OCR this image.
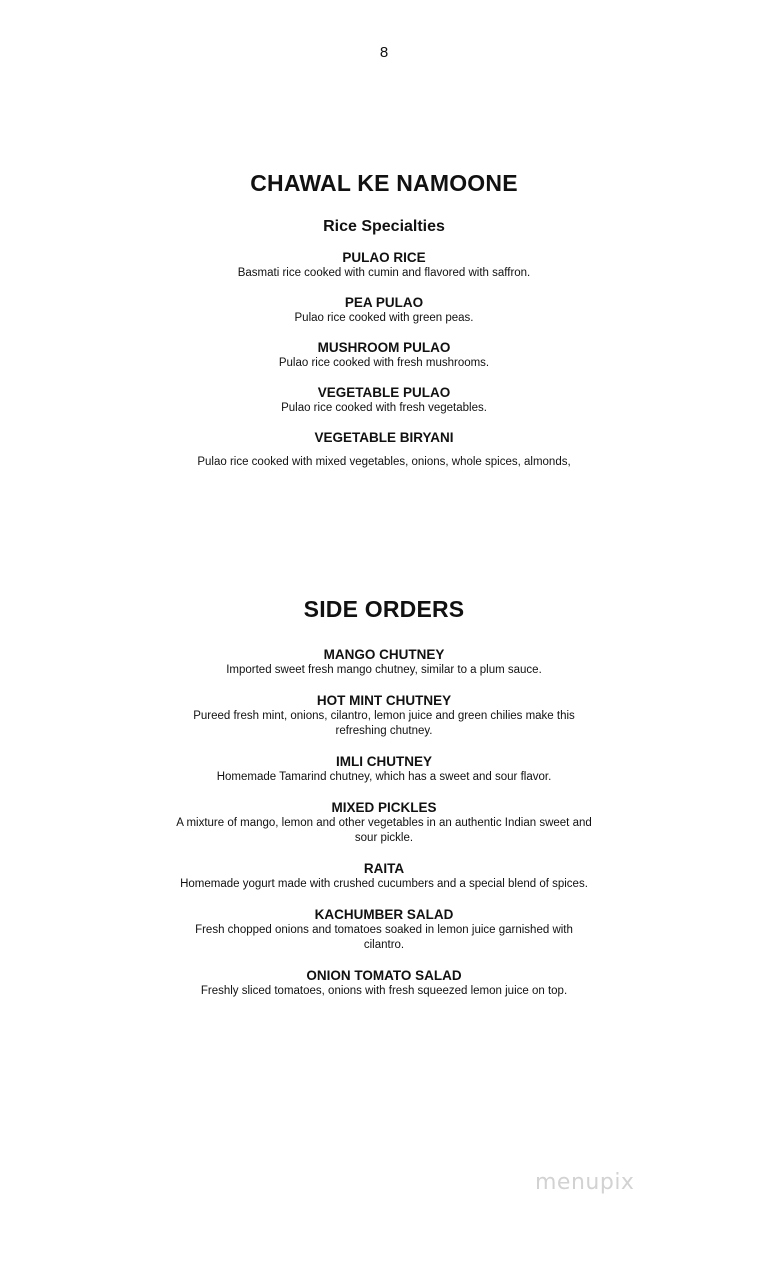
8
CHAWAL KE NAMOONE
Rice Specialties
PULAO RICE
Basmati rice cooked with cumin and flavored with saffron.
PEA PULAO
Pulao rice cooked with green peas.
MUSHROOM PULAO
Pulao rice cooked with fresh mushrooms.
VEGETABLE PULAO
Pulao rice cooked with fresh vegetables.
VEGETABLE BIRYANI
Pulao rice cooked with mixed vegetables, onions, whole spices, almonds,
SIDE ORDERS
MANGO CHUTNEY
Imported sweet fresh mango chutney, similar to a plum sauce.
HOT MINT CHUTNEY
Pureed fresh mint, onions, cilantro, lemon juice and green chilies make this refreshing chutney.
IMLI CHUTNEY
Homemade Tamarind chutney, which has a sweet and sour flavor.
MIXED PICKLES
A mixture of mango, lemon and other vegetables in an authentic Indian sweet and sour pickle.
RAITA
Homemade yogurt made with crushed cucumbers and a special blend of spices.
KACHUMBER SALAD
Fresh chopped onions and tomatoes soaked in lemon juice garnished with cilantro.
ONION TOMATO SALAD
Freshly sliced tomatoes, onions with fresh squeezed lemon juice on top.
menupix
